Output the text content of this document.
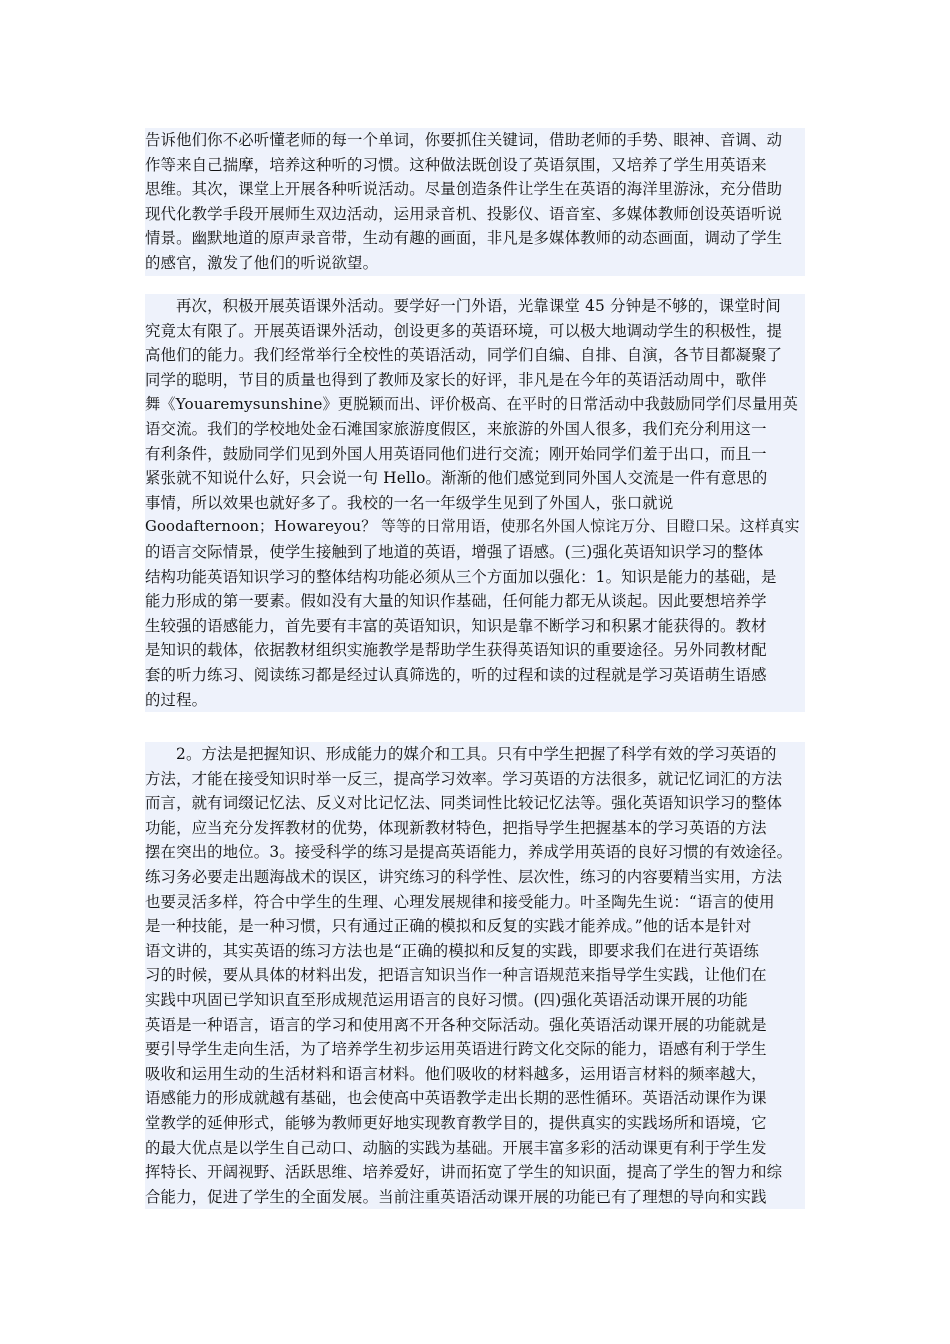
告诉他们你不必听懂老师的每一个单词，你要抓住关键词，借助老师的手势、眼神、音调、动
作等来自己揣摩，培养这种听的习惯。这种做法既创设了英语氛围，又培养了学生用英语来
思维。其次，课堂上开展各种听说活动。尽量创造条件让学生在英语的海洋里游泳，充分借助
现代化教学手段开展师生双边活动，运用录音机、投影仪、语音室、多媒体教师创设英语听说
情景。幽默地道的原声录音带，生动有趣的画面，非凡是多媒体教师的动态画面，调动了学生
的感官，激发了他们的听说欲望。
再次，积极开展英语课外活动。要学好一门外语，光靠课堂 45 分钟是不够的，课堂时间
究竟太有限了。开展英语课外活动，创设更多的英语环境，可以极大地调动学生的积极性，提
高他们的能力。我们经常举行全校性的英语活动，同学们自编、自排、自演，各节目都凝聚了
同学的聪明，节目的质量也得到了教师及家长的好评，非凡是在今年的英语活动周中，歌伴
舞《Youaremysunshine》更脱颖而出、评价极高、在平时的日常活动中我鼓励同学们尽量用英
语交流。我们的学校地处金石滩国家旅游度假区，来旅游的外国人很多，我们充分利用这一
有利条件，鼓励同学们见到外国人用英语同他们进行交流；刚开始同学们羞于出口，而且一
紧张就不知说什么好，只会说一句 Hello。渐渐的他们感觉到同外国人交流是一件有意思的
事情，所以效果也就好多了。我校的一名一年级学生见到了外国人，张口就说
Goodafternoon；Howareyou？ 等等的日常用语，使那名外国人惊诧万分、目瞪口呆。这样真实
的语言交际情景，使学生接触到了地道的英语，增强了语感。(三)强化英语知识学习的整体
结构功能英语知识学习的整体结构功能必须从三个方面加以强化：1。知识是能力的基础，是
能力形成的第一要素。假如没有大量的知识作基础，任何能力都无从谈起。因此要想培养学
生较强的语感能力，首先要有丰富的英语知识，知识是靠不断学习和积累才能获得的。教材
是知识的载体，依据教材组织实施教学是帮助学生获得英语知识的重要途径。另外同教材配
套的听力练习、阅读练习都是经过认真筛选的，听的过程和读的过程就是学习英语萌生语感
的过程。
2。方法是把握知识、形成能力的媒介和工具。只有中学生把握了科学有效的学习英语的
方法，才能在接受知识时举一反三，提高学习效率。学习英语的方法很多，就记忆词汇的方法
而言，就有词缀记忆法、反义对比记忆法、同类词性比较记忆法等。强化英语知识学习的整体
功能，应当充分发挥教材的优势，体现新教材特色，把指导学生把握基本的学习英语的方法
摆在突出的地位。3。接受科学的练习是提高英语能力，养成学用英语的良好习惯的有效途径。
练习务必要走出题海战术的误区，讲究练习的科学性、层次性，练习的内容要精当实用，方法
也要灵活多样，符合中学生的生理、心理发展规律和接受能力。叶圣陶先生说：“语言的使用
是一种技能，是一种习惯，只有通过正确的模拟和反复的实践才能养成。”他的话本是针对
语文讲的，其实英语的练习方法也是“正确的模拟和反复的实践，即要求我们在进行英语练
习的时候，要从具体的材料出发，把语言知识当作一种言语规范来指导学生实践，让他们在
实践中巩固已学知识直至形成规范运用语言的良好习惯。(四)强化英语活动课开展的功能
英语是一种语言，语言的学习和使用离不开各种交际活动。强化英语活动课开展的功能就是
要引导学生走向生活，为了培养学生初步运用英语进行跨文化交际的能力，语感有利于学生
吸收和运用生动的生活材料和语言材料。他们吸收的材料越多，运用语言材料的频率越大，
语感能力的形成就越有基础，也会使高中英语教学走出长期的恶性循环。英语活动课作为课
堂教学的延伸形式，能够为教师更好地实现教育教学目的，提供真实的实践场所和语境，它
的最大优点是以学生自己动口、动脑的实践为基础。开展丰富多彩的活动课更有利于学生发
挥特长、开阔视野、活跃思维、培养爱好，讲而拓宽了学生的知识面，提高了学生的智力和综
合能力，促进了学生的全面发展。当前注重英语活动课开展的功能已有了理想的导向和实践
